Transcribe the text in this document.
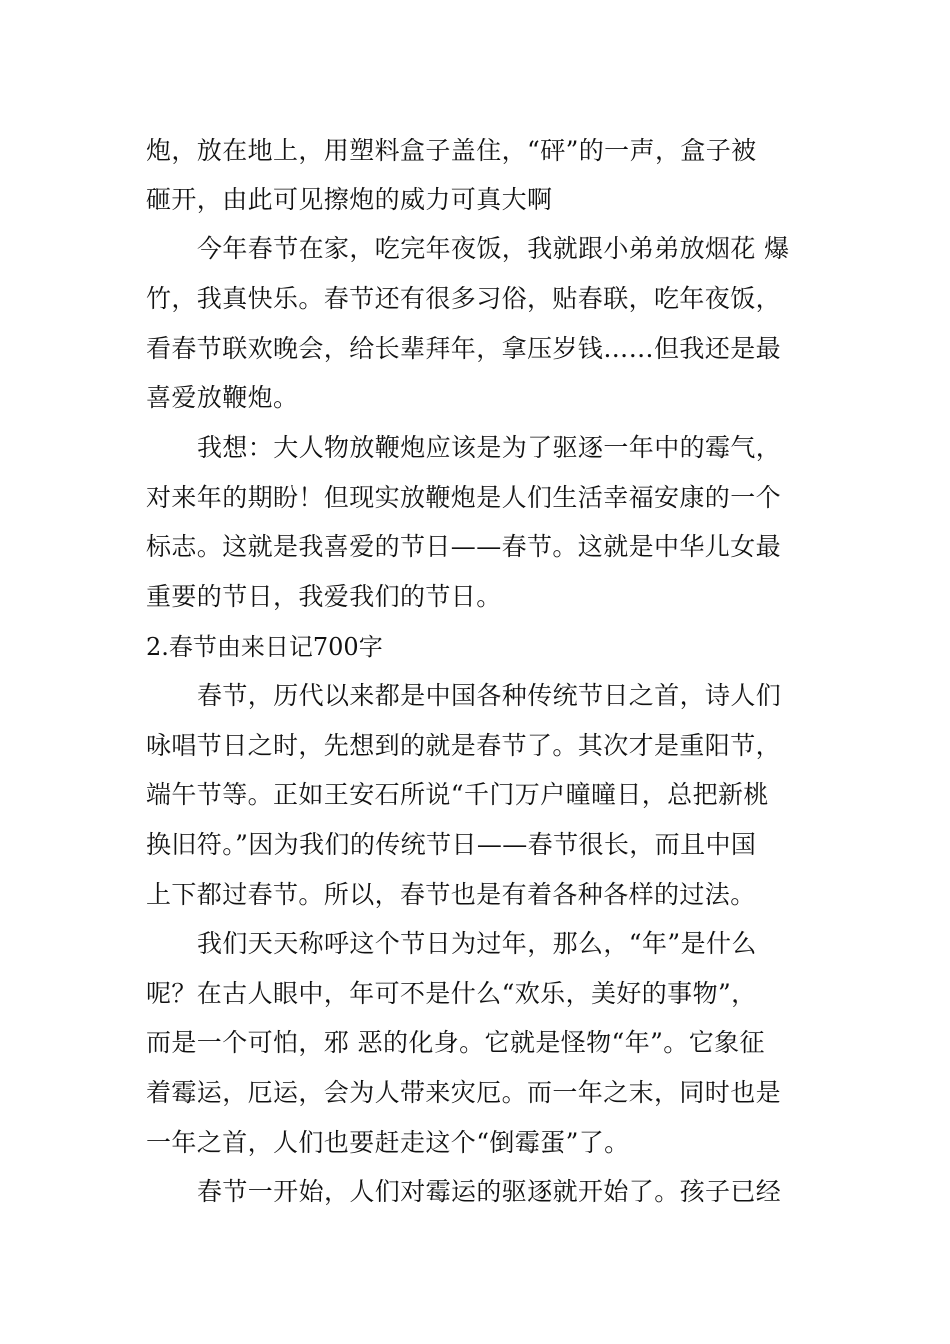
炮，放在地上，用塑料盒子盖住，“砰”的一声，盒子被
砸开，由此可见擦炮的威力可真大啊
今年春节在家，吃完年夜饭，我就跟小弟弟放烟花 爆
竹，我真快乐。春节还有很多习俗，贴春联，吃年夜饭，
看春节联欢晚会，给长辈拜年，拿压岁钱……但我还是最
喜爱放鞭炮。
我想：大人物放鞭炮应该是为了驱逐一年中的霉气，
对来年的期盼！但现实放鞭炮是人们生活幸福安康的一个
标志。这就是我喜爱的节日——春节。这就是中华儿女最
重要的节日，我爱我们的节日。
2.春节由来日记700字
春节，历代以来都是中国各种传统节日之首，诗人们
咏唱节日之时，先想到的就是春节了。其次才是重阳节，
端午节等。正如王安石所说“千门万户曈曈日，总把新桃
换旧符。”因为我们的传统节日——春节很长，而且中国
上下都过春节。所以，春节也是有着各种各样的过法。
我们天天称呼这个节日为过年，那么，“年”是什么
呢？在古人眼中，年可不是什么“欢乐，美好的事物”，
而是一个可怕，邪 恶的化身。它就是怪物“年”。它象征
着霉运，厄运，会为人带来灾厄。而一年之末，同时也是
一年之首，人们也要赶走这个“倒霉蛋”了。
春节一开始，人们对霉运的驱逐就开始了。孩子已经
